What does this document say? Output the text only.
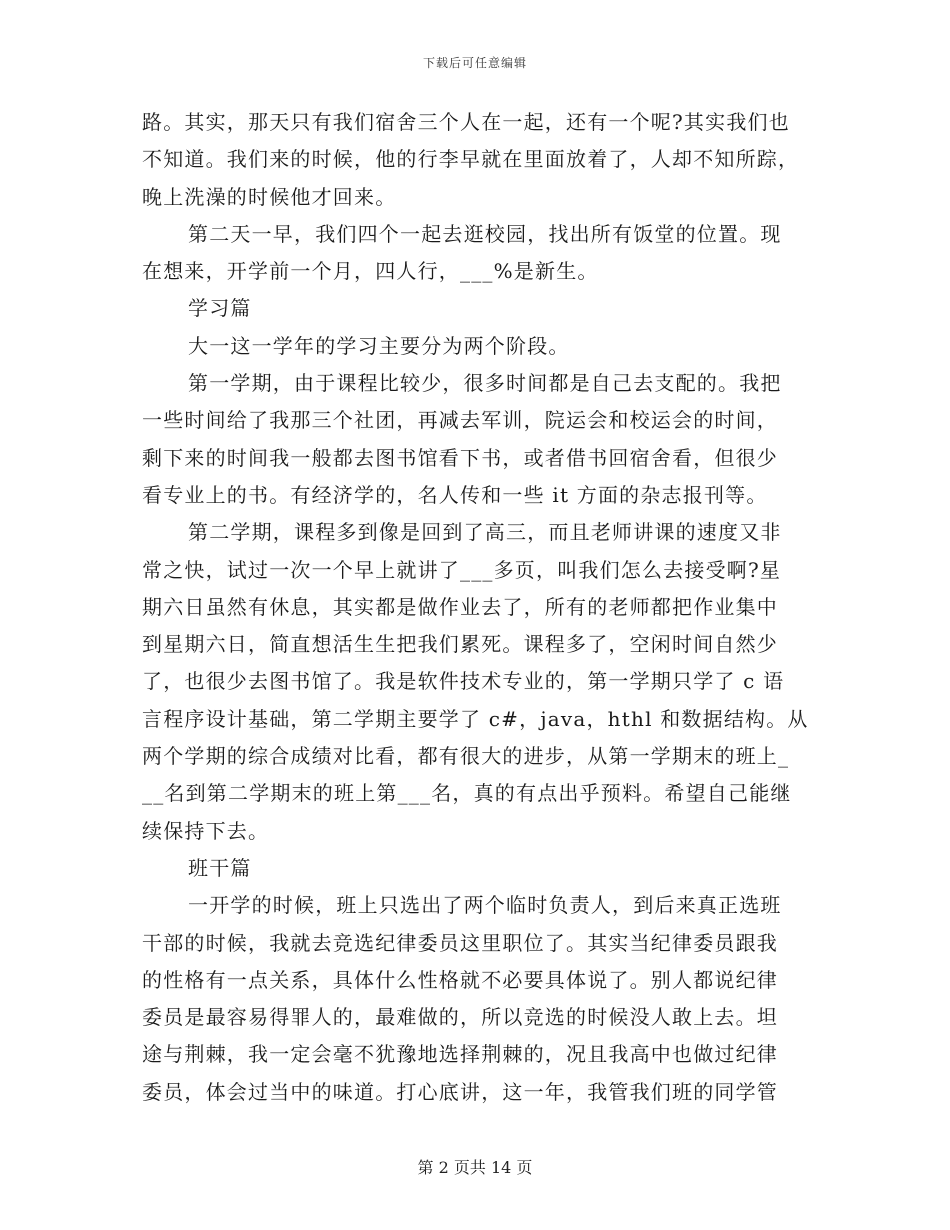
下载后可任意编辑

路。其实，那天只有我们宿舍三个人在一起，还有一个呢?其实我们也

不知道。我们来的时候，他的行李早就在里面放着了，人却不知所踪，

晚上洗澡的时候他才回来。

第二天一早，我们四个一起去逛校园，找出所有饭堂的位置。现

在想来，开学前一个月，四人行，___%是新生。

学习篇

大一这一学年的学习主要分为两个阶段。

第一学期，由于课程比较少，很多时间都是自己去支配的。我把

一些时间给了我那三个社团，再减去军训，院运会和校运会的时间，

剩下来的时间我一般都去图书馆看下书，或者借书回宿舍看，但很少

看专业上的书。有经济学的，名人传和一些 it 方面的杂志报刊等。

第二学期，课程多到像是回到了高三，而且老师讲课的速度又非

常之快，试过一次一个早上就讲了___多页，叫我们怎么去接受啊?星

期六日虽然有休息，其实都是做作业去了，所有的老师都把作业集中

到星期六日，简直想活生生把我们累死。课程多了，空闲时间自然少

了，也很少去图书馆了。我是软件技术专业的，第一学期只学了 c 语

言程序设计基础，第二学期主要学了 c#，java，hthl 和数据结构。从

两个学期的综合成绩对比看，都有很大的进步，从第一学期末的班上_

__名到第二学期末的班上第___名，真的有点出乎预料。希望自己能继

续保持下去。

班干篇

一开学的时候，班上只选出了两个临时负责人，到后来真正选班

干部的时候，我就去竞选纪律委员这里职位了。其实当纪律委员跟我

的性格有一点关系，具体什么性格就不必要具体说了。别人都说纪律

委员是最容易得罪人的，最难做的，所以竞选的时候没人敢上去。坦

途与荆棘，我一定会毫不犹豫地选择荆棘的，况且我高中也做过纪律

委员，体会过当中的味道。打心底讲，这一年，我管我们班的同学管

第 2 页共 14 页
